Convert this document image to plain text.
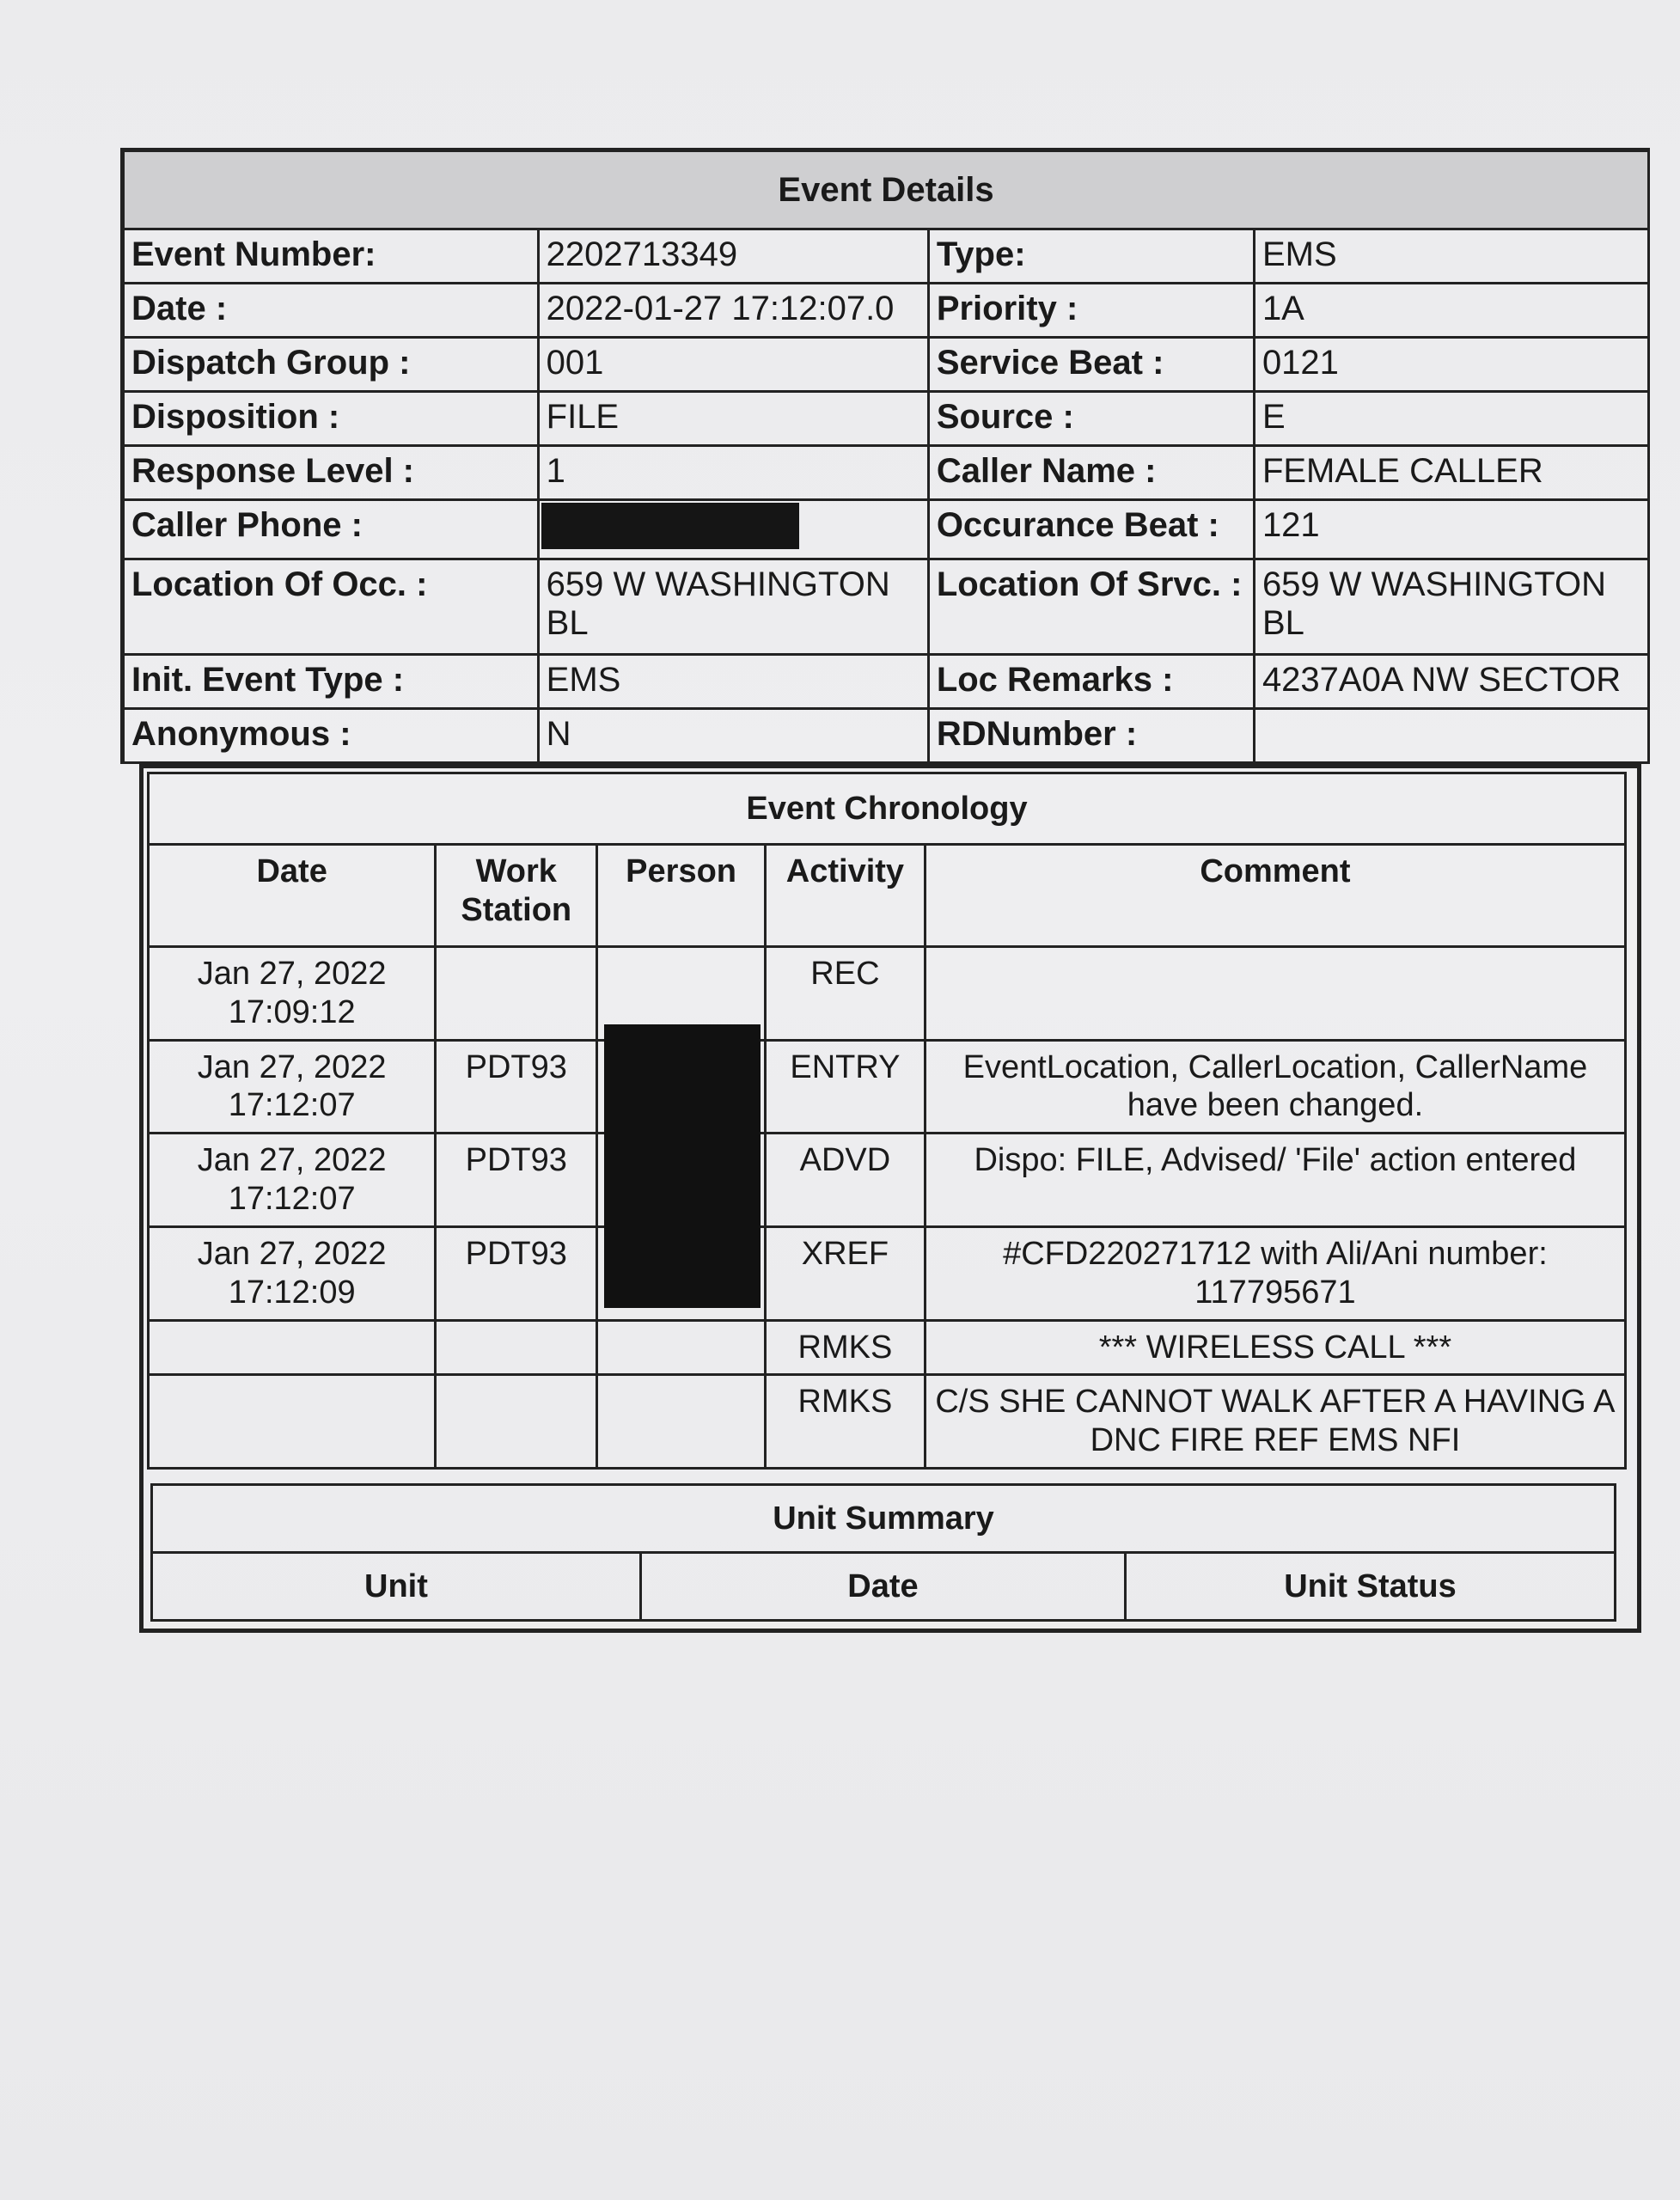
Event Details			
Event Number:	2202713349	Type:	EMS
Date :	2022-01-27 17:12:07.0	Priority :	1A
Dispatch Group :	001	Service Beat :	0121
Disposition :	FILE	Source :	E
Response Level :	1	Caller Name :	FEMALE CALLER
Caller Phone :		Occurance Beat :	121
Location Of Occ. :	659 W WASHINGTON BL	Location Of Srvc. :	659 W WASHINGTON BL
Init. Event Type :	EMS	Loc Remarks :	4237A0A NW SECTOR
Anonymous :	N	RDNumber :	
Event Chronology				
Date	Work Station	Person	Activity	Comment
Jan 27, 2022
17:09:12			REC	
Jan 27, 2022
17:12:07	PDT93		ENTRY	EventLocation, CallerLocation, CallerName have been changed.
Jan 27, 2022
17:12:07	PDT93		ADVD	Dispo: FILE, Advised/ 'File' action entered
Jan 27, 2022
17:12:09	PDT93		XREF	#CFD220271712 with Ali/Ani number: 117795671
			RMKS	*** WIRELESS CALL ***
			RMKS	C/S SHE CANNOT WALK AFTER A HAVING A DNC FIRE REF EMS NFI
Unit Summary
Unit	Date	Unit Status
